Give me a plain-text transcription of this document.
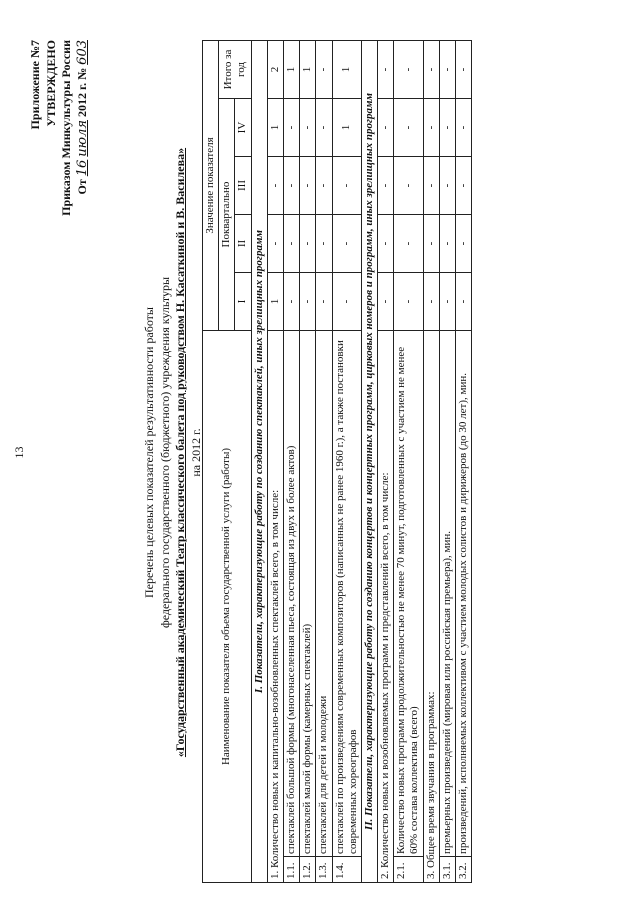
13
Приложение №7 УТВЕРЖДЕНО Приказом Минкультуры России От 16 июля 2012 г. № 603
Перечень целевых показателей результативности работы федерального государственного (бюджетного) учреждения культуры «Государственный академический Театр классического балета под руководством Н. Касаткиной и В. Василева» на 2012 г. Наименование показателя объема государственной услуги (работы)		Значение показателя				
		Поквартально				Итого за год
		I	II	III	IV	
I. Показатели, характеризующие работу по созданию спектаклей, иных зрелищных программ						
1. Количество новых и капитально-возобновленных спектаклей всего, в том числе:		1	-	-	1	2
1.1.	спектаклей большой формы (многонаселенная пьеса, состоящая из двух и более актов)	-	-	-	-	1
1.2.	спектаклей малой формы (камерных спектаклей)	-	-	-	-	1
1.3.	спектаклей для детей и молодежи	-	-	-	-	-
1.4.	спектаклей по произведениям современных композиторов (написанных не ранее 1960 г.), а также постановки современных хореографов	-	-	-	1	1
II. Показатели, характеризующие работу по созданию концертов и концертных программ, цирковых номеров и программ, иных зрелищных программ						
2. Количество новых и возобновляемых программ и представлений всего, в том числе:		-	-	-	-	-
2.1.	Количество новых программ продолжительностью не менее 70 минут, подготовленных с участием не менее 60% состава коллектива (всего)	-	-	-	-	-
3. Общее время звучания в программах:		-	-	-	-	-
3.1.	премьерных произведений (мировая или российская премьера), мин.	-	-	-	-	-
3.2.	произведений, исполняемых коллективом с участием молодых солистов и дирижеров (до 30 лет), мин.	-	-	-	-	-
